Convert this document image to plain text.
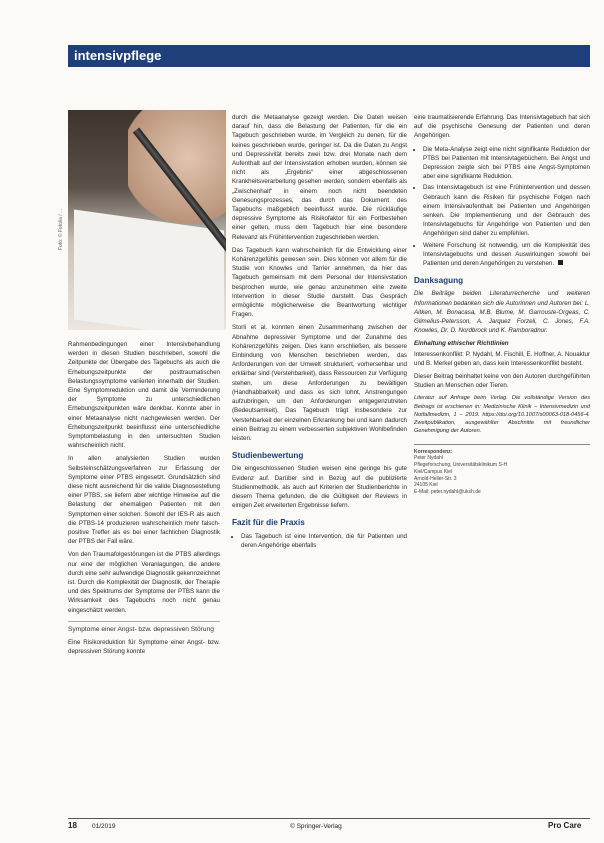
intensivpflege
Foto: © Fotolia / ...

Rahmenbedingungen einer Intensivbehandlung werden in diesen Studien beschrieben, sowohl die Zeitpunkte der Übergabe des Tagebuchs als auch die Erhebungszeitpunkte der posttraumatischen Belastungssymptome variierten innerhalb der Studien. Eine Symptomreduktion und damit die Verminderung der Symptome zu unterschiedlichen Erhebungszeitpunkten wäre denkbar. Konnte aber in einer Metaanalyse nicht nachgewiesen werden. Der Erhebungszeitpunkt beeinflusst eine unterschiedliche Symptombelastung in den untersuchten Studien wahrscheinlich nicht.

In allen analysierten Studien wurden Selbsteinschätzungsverfahren zur Erfassung der Symptome einer PTBS eingesetzt. Grundsätzlich sind diese nicht ausreichend für die valide Diagnosestellung einer PTBS, sie liefern aber wichtige Hinweise auf die Belastung der ehemaligen Patienten mit den Symptomen einer solchen. Sowohl der IES-R als auch die PTBS-14 produzieren wahrscheinlich mehr falsch-positive Treffer als es bei einer fachlichen Diagnostik der PTBS der Fall wäre.

Von den Traumafolgestörungen ist die PTBS allerdings nur eine der möglichen Veranlagungen, die andere durch eine sehr aufwendige Diagnostik gekennzeichnet ist. Durch die Komplexität der Diagnostik, der Therapie und des Spektrums der Symptome der PTBS kann die Wirksamkeit des Tagebuchs noch nicht genau eingeschätzt werden.

Symptome einer Angst- bzw. depressiven Störung

Eine Risikoreduktion für Symptome einer Angst- bzw. depressiven Störung konnte

durch die Metaanalyse gezeigt werden. Die Daten weisen darauf hin, dass die Belastung der Patienten, für die ein Tagebuch geschrieben wurde, im Vergleich zu denen, für die keines geschrieben wurde, geringer ist. Da die Daten zu Angst und Depressivität bereits zwei bzw. drei Monate nach dem Aufenthalt auf der Intensivstation erhoben wurden, können sie nicht als „Ergebnis“ einer abgeschlossenen Krankheitsverarbeitung gesehen werden, sondern ebenfalls als „Zwischenhalt“ in einem noch nicht beendeten Genesungsprozesses, das durch das Dokument des Tagebuchs maßgeblich beeinflusst wurde. Die rückläufige depressive Symptome als Risikofaktor für ein Fortbestehen einer gelten, muss dem Tagebuch hier eine besondere Relevanz als Frühintervention zugeschrieben werden.

Das Tagebuch kann wahrscheinlich für die Entwicklung einer Kohärenzgefühls gewesen sein. Dies können vor allem für die Studie von Knowles und Tarrier annehmen, da hier das Tagebuch gemeinsam mit dem Personal der Intensivstation besprochen wurde, wie genau anzunehmen eine zweite Intervention in dieser Studie darstellt. Das Gespräch ermöglichte möglicherweise die Beantwortung wichtiger Fragen.

Storli et al. konnten einen Zusammenhang zwischen der Abnahme depressiver Symptome und der Zunahme des Kohärenzgefühls zeigen. Dies kann erschließen, als bessere Einbindung von Menschen beschrieben werden, das Anforderungen von der Umwelt strukturiert, vorhersehbar und erklärbar sind (Verstehbarkeit), dass Ressourcen zur Verfügung stehen, um diese Anforderungen zu bewältigen (Handhabbarkeit) und dass es sich lohnt, Anstrengungen aufzubringen, um den Anforderungen entgegenzutreten (Bedeutsamkeit). Das Tagebuch trägt insbesondere zur Verstehbarkeit der einzelnen Erkrankung bei und kann dadurch einen Beitrag zu einem verbesserten subjektiven Wohlbefinden leisten.

Studienbewertung

Die eingeschlossenen Studien weisen eine geringe bis gute Evidenz auf. Darüber sind in Bezug auf die publizierte Studienmethodik, als auch auf Kriterien der Studienberichte in diesem Thema gefunden, die die Gültigkeit der Reviews in einigen Zeit erweiterten Ergebnisse liefern.

Fazit für die Praxis
• Das Tagebuch ist eine Intervention, die für Patienten und deren Angehörige ebenfalls

eine traumatisierende Erfahrung. Das Intensivtagebuch hat sich auf die psychische Genesung der Patienten und deren Angehörigen.

• Die Meta-Analyse zeigt eine nicht signifikante Reduktion der PTBS bei Patienten mit Intensivtagebüchern. Bei Angst und Depression zeigte sich bei PTBS eine Angst-Symptomen aber eine signifikante Reduktion.
• Das Intensivtagebuch ist eine Frühintervention und dessen Gebrauch kann die Risiken für psychische Folgen nach einem Intensivaufenthalt bei Patienten und Angehörigen senken. Die Implementierung und der Gebrauch des Intensivtagebuchs für Angehörige von Patienten und den Angehörigen sind daher zu empfehlen.
• Weitere Forschung ist notwendig, um die Komplexität des Intensivtagebuchs und dessen Auswirkungen sowohl bei Patienten und deren Angehörigen zu verstehen.
Danksagung

Die Beiträge beiden Literaturrecherche und weiteren Informationen bedanken sich die Autorinnen und Autoren bei: L. Aitken, M. Bonacasa, M.B. Blume, M. Garrouste-Orgeas, C. Glimelius-Petersson, A. Jarquez Forzeli, C. Jones, F.A. Knowles, Dr. D. Nordbrock und K. Ramboradnur.

Einhaltung ethischer Richtlinien

Interessenkonflikt: P. Nydahl, M. Fischill, E. Hoffner, A. Nouaktur und B. Merkel geben an, dass kein Interessenkonflikt besteht.

Dieser Beitrag beinhaltet keine von den Autoren durchgeführten Studien an Menschen oder Tieren.

Literatur auf Anfrage beim Verlag. Die vollständige Version des Beitrags ist erschienen in: Medizinische Klinik – Intensivmedizin und Notfallmedizin, 1 – 2019. https://doi.org/10.1007/s00063-018-0456-4. Zweitpublikation, ausgewählter Abschnitte mit freundlicher Genehmigung der Autoren.

Korrespondenz:
Peter Nydahl
Pflegeforschung, Universitätsklinikum S-H
Kiel/Campus Kiel
Arnold-Heller-Str. 3
24105 Kiel
E-Mail: peter.nydahl@uksh.de
18 01/2019	© Springer-Verlag	Pro Care
